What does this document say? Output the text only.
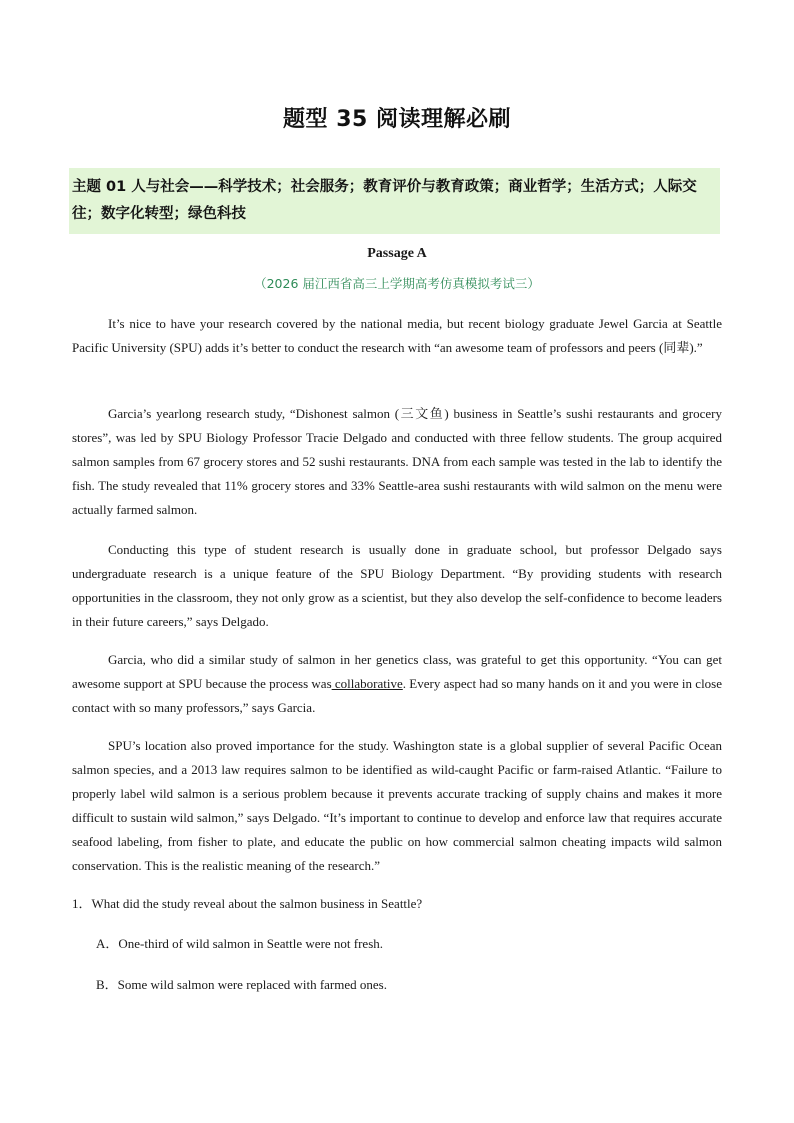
题型 35 阅读理解必刷
主题 01 人与社会——科学技术；社会服务；教育评价与教育政策；商业哲学；生活方式；人际交往；数字化转型；绿色科技
Passage A
（2026 届江西省高三上学期高考仿真模拟考试三）

It’s nice to have your research covered by the national media, but recent biology graduate Jewel Garcia at Seattle Pacific University (SPU) adds it’s better to conduct the research with “an awesome team of professors and peers (同辈).”

Garcia’s yearlong research study, “Dishonest salmon (三文鱼) business in Seattle’s sushi restaurants and grocery stores”, was led by SPU Biology Professor Tracie Delgado and conducted with three fellow students. The group acquired salmon samples from 67 grocery stores and 52 sushi restaurants. DNA from each sample was tested in the lab to identify the fish. The study revealed that 11% grocery stores and 33% Seattle-area sushi restaurants with wild salmon on the menu were actually farmed salmon.

Conducting this type of student research is usually done in graduate school, but professor Delgado says undergraduate research is a unique feature of the SPU Biology Department. “By providing students with research opportunities in the classroom, they not only grow as a scientist, but they also develop the self-confidence to become leaders in their future careers,” says Delgado.

Garcia, who did a similar study of salmon in her genetics class, was grateful to get this opportunity. “You can get awesome support at SPU because the process was collaborative. Every aspect had so many hands on it and you were in close contact with so many professors,” says Garcia.

SPU’s location also proved importance for the study. Washington state is a global supplier of several Pacific Ocean salmon species, and a 2013 law requires salmon to be identified as wild-caught Pacific or farm-raised Atlantic. “Failure to properly label wild salmon is a serious problem because it prevents accurate tracking of supply chains and makes it more difficult to sustain wild salmon,” says Delgado. “It’s important to continue to develop and enforce law that requires accurate seafood labeling, from fisher to plate, and educate the public on how commercial salmon cheating impacts wild salmon conservation. This is the realistic meaning of the research.”

1．What did the study reveal about the salmon business in Seattle?
A．One-third of wild salmon in Seattle were not fresh.
B．Some wild salmon were replaced with farmed ones.
